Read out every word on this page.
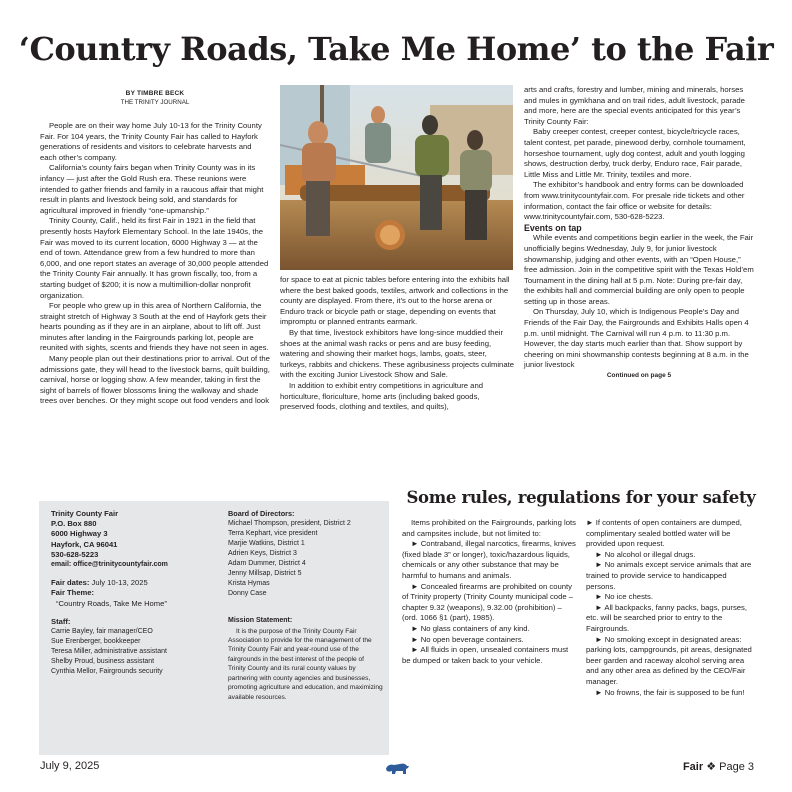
‘Country Roads, Take Me Home’ to the Fair
BY TIMBRE BECK
THE TRINITY JOURNAL

People are on their way home July 10-13 for the Trinity County Fair. For 104 years, the Trinity County Fair has called to Hayfork generations of residents and visitors to celebrate harvests and each other’s company.

California’s county fairs began when Trinity County was in its infancy — just after the Gold Rush era. These reunions were intended to gather friends and family in a raucous affair that might result in plants and livestock being sold, and standards for agricultural improved in friendly “one-upmanship.”

Trinity County, Calif., held its first Fair in 1921 in the field that presently hosts Hayfork Elementary School. In the late 1940s, the Fair was moved to its current location, 6000 Highway 3 — at the end of town. Attendance grew from a few hundred to more than 6,000, and one report states an average of 30,000 people attended the Trinity County Fair annually. It has grown fiscally, too, from a starting budget of $200; it is now a multimillion-dollar nonprofit organization.

For people who grew up in this area of Northern California, the straight stretch of Highway 3 South at the end of Hayfork gets their hearts pounding as if they are in an airplane, about to lift off. Just minutes after landing in the Fairgrounds parking lot, people are reunited with sights, scents and friends they have not seen in ages.

Many people plan out their destinations prior to arrival. Out of the admissions gate, they will head to the livestock barns, quilt building, carnival, horse or logging show. A few meander, taking in first the sight of barrels of flower blossoms lining the walkway and shade trees over benches. Or they might scope out food venders and look

for space to eat at picnic tables before entering into the exhibits hall where the best baked goods, textiles, artwork and collections in the county are displayed. From there, it’s out to the horse arena or Enduro track or bicycle path or stage, depending on events that impromptu or planned entrants earmark.

By that time, livestock exhibitors have long-since muddied their shoes at the animal wash racks or pens and are busy feeding, watering and showing their market hogs, lambs, goats, steer, turkeys, rabbits and chickens. These agribusiness projects culminate with the exciting Junior Livestock Show and Sale.

In addition to exhibit entry competitions in agriculture and horticulture, floriculture, home arts (including baked goods, preserved foods, clothing and textiles, and quilts),

arts and crafts, forestry and lumber, mining and minerals, horses and mules in gymkhana and on trail rides, adult livestock, parade and more, here are the special events anticipated for this year’s Trinity County Fair:

Baby creeper contest, creeper contest, bicycle/tricycle races, talent contest, pet parade, pinewood derby, cornhole tournament, horseshoe tournament, ugly dog contest, adult and youth logging shows, destruction derby, truck derby, Enduro race, Fair parade, Little Miss and Little Mr. Trinity, textiles and more.

The exhibitor’s handbook and entry forms can be downloaded from www.trinitycountyfair.com. For presale ride tickets and other information, contact the fair office or website for details: www.trinitycountyfair.com, 530-628-5223.

Events on tap

While events and competitions begin earlier in the week, the Fair unofficially begins Wednesday, July 9, for junior livestock showmanship, judging and other events, with an “Open House,” free admission. Join in the competitive spirit with the Texas Hold’em Tournament in the dining hall at 5 p.m. Note: During pre-fair day, the exhibits hall and commercial building are only open to people setting up in those areas.

On Thursday, July 10, which is Indigenous People’s Day and Friends of the Fair Day, the Fairgrounds and Exhibits Halls open 4 p.m. until midnight. The Carnival will run 4 p.m. to 11:30 p.m. However, the day starts much earlier than that. Show support by cheering on mini showmanship contests beginning at 8 a.m. in the junior livestock

Continued on page 5

Trinity County Fair
P.O. Box 880
6000 Highway 3
Hayfork, CA 96041
530-628-5223
email: office@trinitycountyfair.com
Fair dates: July 10-13, 2025
Fair Theme:
“Country Roads, Take Me Home”
Staff:
Carrie Bayley, fair manager/CEO
Sue Erenberger, bookkeeper
Teresa Miller, administrative assistant
Shelby Proud, business assistant
Cynthia Mellor, Fairgrounds security
Board of Directors:
Michael Thompson, president, District 2
Terra Kephart, vice president
Marjie Watkins, District 1
Adrien Keys, District 3
Adam Dummer, District 4
Jenny Millsap, District 5
Krista Hymas
Donny Case
Mission Statement:
It is the purpose of the Trinity County Fair Association to provide for the management of the Trinity County Fair and year-round use of the fairgrounds in the best interest of the people of Trinity County and its rural county values by partnering with county agencies and businesses, promoting agriculture and education, and maximizing available resources.
Some rules, regulations for your safety

Items prohibited on the Fairgrounds, parking lots and campsites include, but not limited to:

► Contraband, illegal narcotics, firearms, knives (fixed blade 3” or longer), toxic/hazardous liquids, chemicals or any other substance that may be harmful to humans and animals.

► Concealed firearms are prohibited on county of Trinity property (Trinity County municipal code – chapter 9.32 (weapons), 9.32.00 (prohibition) – (ord. 1066 §1 (part), 1985).

► No glass containers of any kind.

► No open beverage containers.

► All fluids in open, unsealed containers must be dumped or taken back to your vehicle.

► If contents of open containers are dumped, complimentary sealed bottled water will be provided upon request.

► No alcohol or illegal drugs.

► No animals except service animals that are trained to provide service to handicapped persons.

► No ice chests.

► All backpacks, fanny packs, bags, purses, etc. will be searched prior to entry to the Fairgrounds.

► No smoking except in designated areas: parking lots, campgrounds, pit areas, designated beer garden and raceway alcohol serving area and any other area as defined by the CEO/Fair manager.

► No frowns, the fair is supposed to be fun!

July 9, 2025	Fair ❖ Page 3
